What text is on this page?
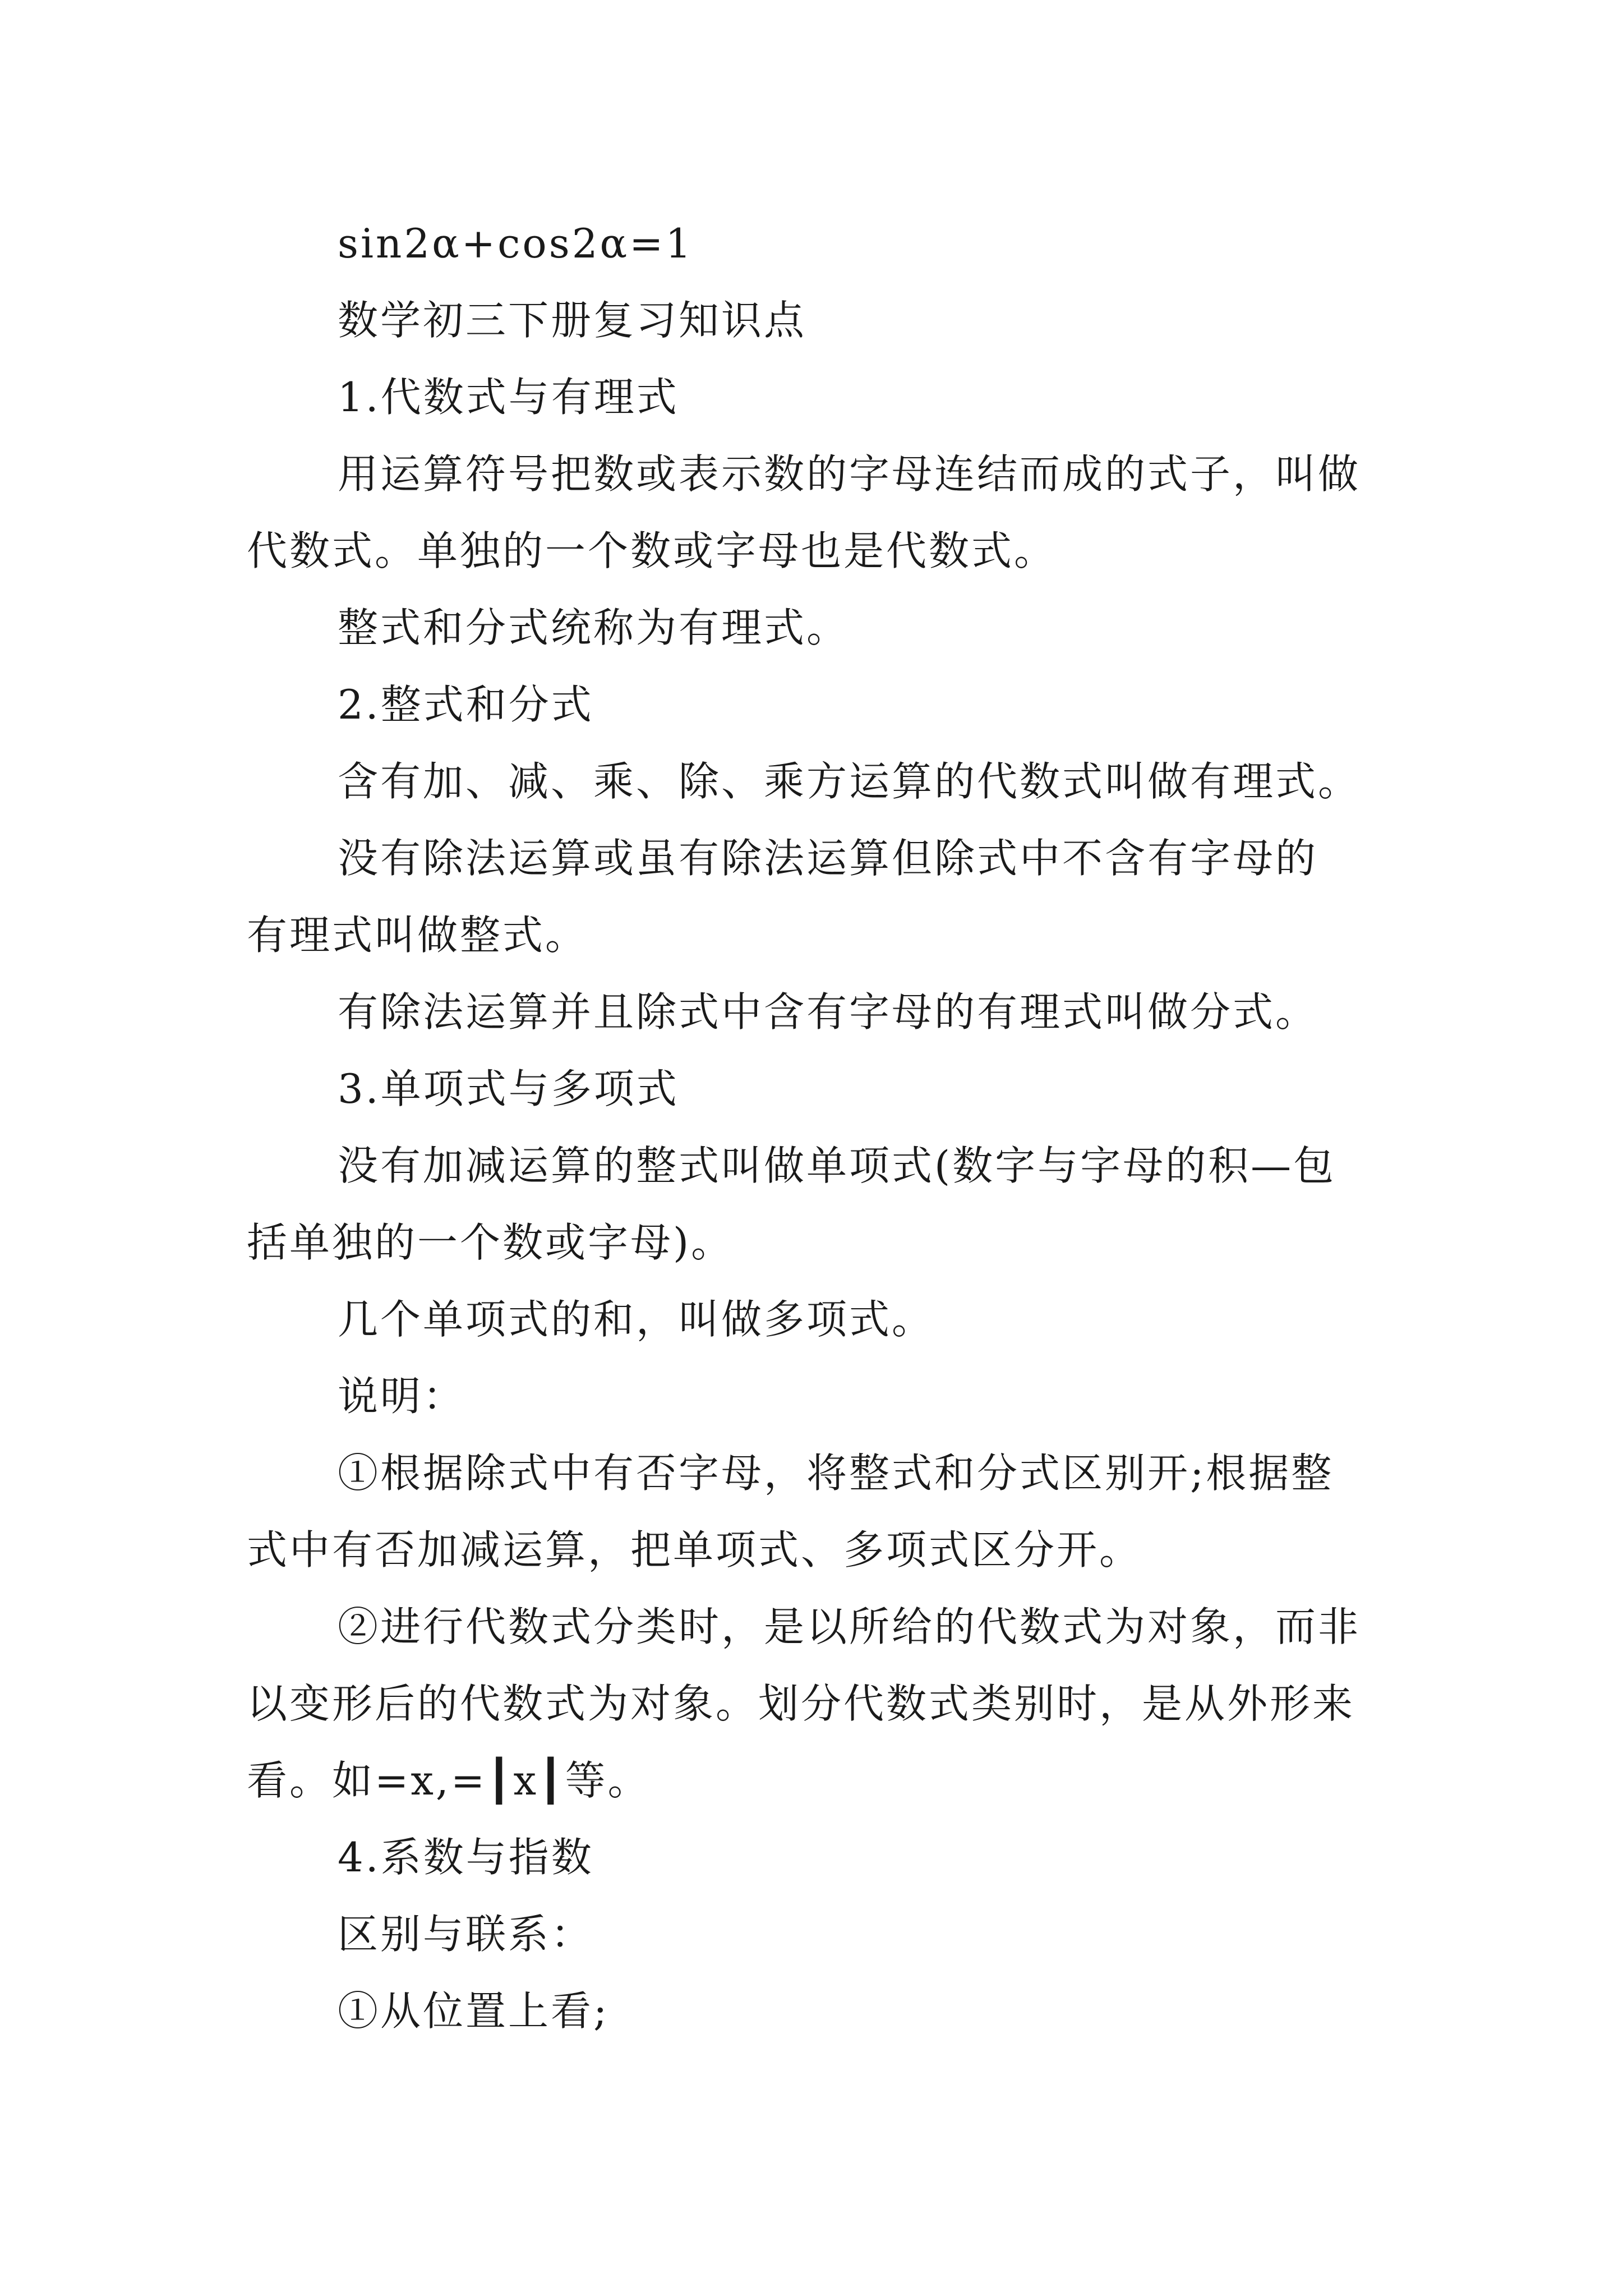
sin2α+cos2α=1
数学初三下册复习知识点
1.代数式与有理式
用运算符号把数或表示数的字母连结而成的式子，叫做
代数式。单独的一个数或字母也是代数式。
整式和分式统称为有理式。
2.整式和分式
含有加、减、乘、除、乘方运算的代数式叫做有理式。
没有除法运算或虽有除法运算但除式中不含有字母的
有理式叫做整式。
有除法运算并且除式中含有字母的有理式叫做分式。
3.单项式与多项式
没有加减运算的整式叫做单项式(数字与字母的积—包
括单独的一个数或字母)。
几个单项式的和，叫做多项式。
说明：
①根据除式中有否字母，将整式和分式区别开;根据整
式中有否加减运算，把单项式、多项式区分开。
②进行代数式分类时，是以所给的代数式为对象，而非
以变形后的代数式为对象。划分代数式类别时，是从外形来
看。如=x,=┃x┃等。
4.系数与指数
区别与联系：
①从位置上看;
